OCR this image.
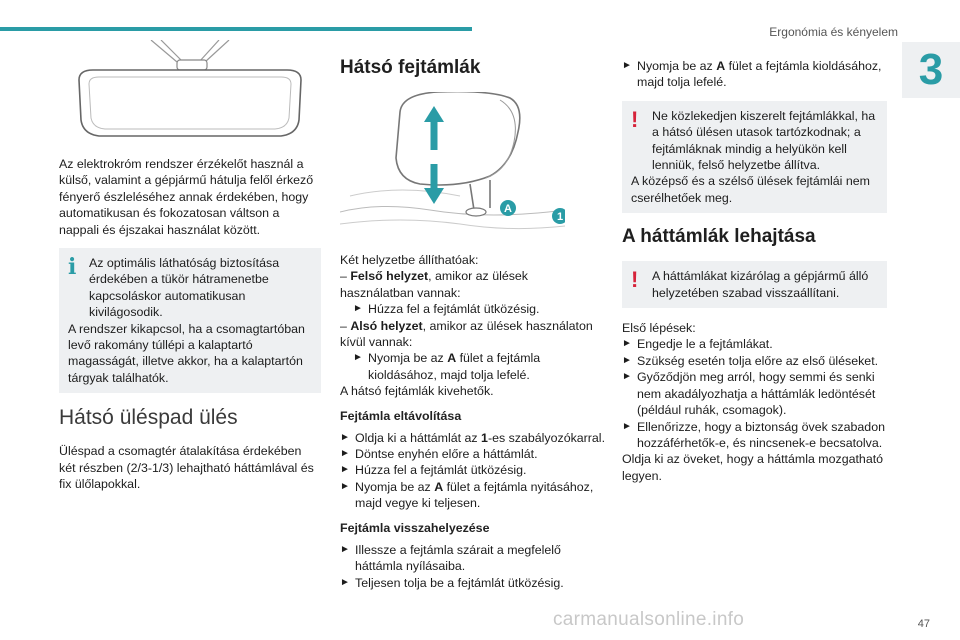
Ergonómia és kényelem
3

Az elektrokróm rendszer érzékelőt használ a külső, valamint a gépjármű hátulja felől érkező fényerő észleléséhez annak érdekében, hogy automatikusan és fokozatosan váltson a nappali és éjszakai használat között.

i	Az optimális láthatóság biztosítása érdekében a tükör hátramenetbe kapcsoláskor automatikusan kivilágosodik.

A rendszer kikapcsol, ha a csomagtartóban levő rakomány túllépi a kalaptartó magasságát, illetve akkor, ha a kalaptartón tárgyak találhatók.

Hátsó üléspad ülés

Üléspad a csomagtér átalakítása érdekében két részben (2/3-1/3) lehajtható háttámlával és fix ülőlapokkal.

Hátsó fejtámlák
A
1

Két helyzetbe állíthatóak:

– Felső helyzet, amikor az ülések használatban vannak:

► Húzza fel a fejtámlát ütközésig.

– Alsó helyzet, amikor az ülések használaton kívül vannak:

► Nyomja be az A fület a fejtámla kioldásához, majd tolja lefelé.

A hátsó fejtámlák kivehetők.

Fejtámla eltávolítása

► Oldja ki a háttámlát az 1-es szabályozókarral.

► Döntse enyhén előre a háttámlát.

► Húzza fel a fejtámlát ütközésig.

► Nyomja be az A fület a fejtámla nyitásához, majd vegye ki teljesen.

Fejtámla visszahelyezése

► Illessze a fejtámla szárait a megfelelő háttámla nyílásaiba.

► Teljesen tolja be a fejtámlát ütközésig.

► Nyomja be az A fület a fejtámla kioldásához, majd tolja lefelé.

!	Ne közlekedjen kiszerelt fejtámlákkal, ha a hátsó ülésen utasok tartózkodnak; a fejtámláknak mindig a helyükön kell lenniük, felső helyzetbe állítva.

A középső és a szélső ülések fejtámlái nem cserélhetőek meg.

A háttámlák lehajtása
!	A háttámlákat kizárólag a gépjármű álló helyzetében szabad visszaállítani.

Első lépések:

► Engedje le a fejtámlákat.

► Szükség esetén tolja előre az első üléseket.

► Győződjön meg arról, hogy semmi és senki nem akadályozhatja a háttámlák ledöntését (például ruhák, csomagok).

► Ellenőrizze, hogy a biztonság övek szabadon hozzáférhetők-e, és nincsenek-e becsatolva.

Oldja ki az öveket, hogy a háttámla mozgatható legyen.

carmanualsonline.info	47
